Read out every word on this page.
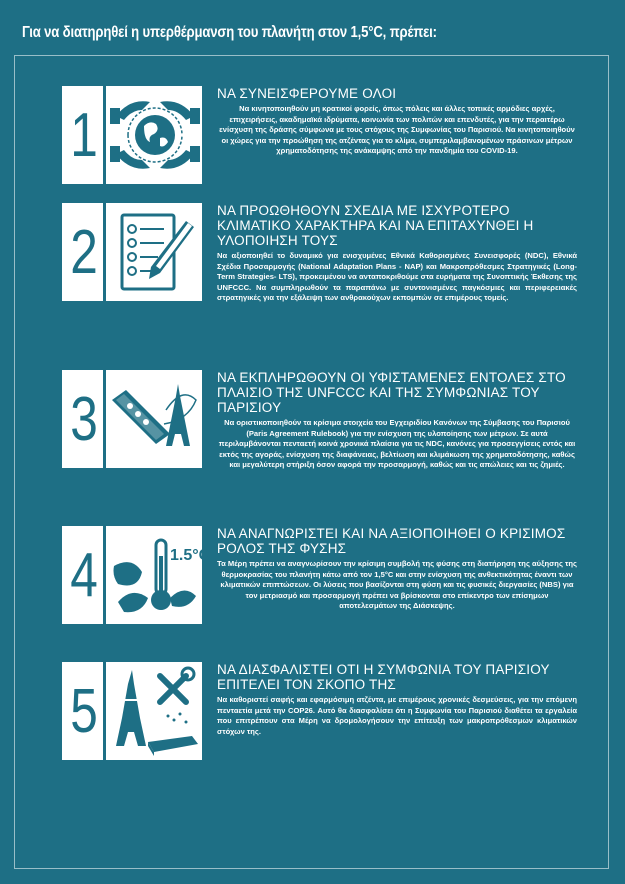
Για να διατηρηθεί η υπερθέρμανση του πλανήτη στον 1,5°C, πρέπει:
1
ΝΑ ΣΥΝΕΙΣΦΕΡΟΥΜΕ ΟΛΟΙ
Να κινητοποιηθούν μη κρατικοί φορείς, όπως πόλεις και άλλες τοπικές αρμόδιες αρχές, επιχειρήσεις, ακαδημαϊκά ιδρύματα, κοινωνία των πολιτών και επενδυτές, για την περαιτέρω ενίσχυση της δράσης σύμφωνα με τους στόχους της Συμφωνίας του Παρισιού. Να κινητοποιηθούν οι χώρες για την προώθηση της ατζέντας για το κλίμα, συμπεριλαμβανομένων πράσινων μέτρων χρηματοδότησης της ανάκαμψης από την πανδημία του COVID-19.
2
ΝΑ ΠΡΟΩΘΗΘΟΥΝ ΣΧΕΔΙΑ ΜΕ ΙΣΧΥΡΟΤΕΡΟ ΚΛΙΜΑΤΙΚΟ ΧΑΡΑΚΤΗΡΑ ΚΑΙ ΝΑ ΕΠΙΤΑΧΥΝΘΕΙ Η ΥΛΟΠΟΙΗΣΗ ΤΟΥΣ
Να αξιοποιηθεί το δυναμικό για ενισχυμένες Εθνικά Καθορισμένες Συνεισφορές (NDC), Εθνικά Σχέδια Προσαρμογής (National Adaptation Plans - NAP) και Μακροπρόθεσμες Στρατηγικές (Long-Term Strategies- LTS), προκειμένου να ανταποκριθούμε στα ευρήματα της Συνοπτικής Έκθεσης της UNFCCC. Να συμπληρωθούν τα παραπάνω με συντονισμένες παγκόσμιες και περιφερειακές στρατηγικές για την εξάλειψη των ανθρακούχων εκπομπών σε επιμέρους τομείς.
3
ΝΑ ΕΚΠΛΗΡΩΘΟΥΝ ΟΙ ΥΦΙΣΤΑΜΕΝΕΣ ΕΝΤΟΛΕΣ ΣΤΟ ΠΛΑΙΣΙΟ ΤΗΣ UNFCCC ΚΑΙ ΤΗΣ ΣΥΜΦΩΝΙΑΣ ΤΟΥ ΠΑΡΙΣΙΟΥ
Να οριστικοποιηθούν τα κρίσιμα στοιχεία του Εγχειριδίου Κανόνων της Σύμβασης του Παρισιού (Paris Agreement Rulebook) για την ενίσχυση της υλοποίησης των μέτρων. Σε αυτά περιλαμβάνονται πενταετή κοινά χρονικά πλαίσια για τις NDC, κανόνες για προσεγγίσεις εντός και εκτός της αγοράς, ενίσχυση της διαφάνειας, βελτίωση και κλιμάκωση της χρηματοδότησης, καθώς και μεγαλύτερη στήριξη όσον αφορά την προσαρμογή, καθώς και τις απώλειες και τις ζημιές.
4	1.5°C
ΝΑ ΑΝΑΓΝΩΡΙΣΤΕΙ ΚΑΙ ΝΑ ΑΞΙΟΠΟΙΗΘΕΙ Ο ΚΡΙΣΙΜΟΣ ΡΟΛΟΣ ΤΗΣ ΦΥΣΗΣ
Τα Μέρη πρέπει να αναγνωρίσουν την κρίσιμη συμβολή της φύσης στη διατήρηση της αύξησης της θερμοκρασίας του πλανήτη κάτω από τον 1,5°C και στην ενίσχυση της ανθεκτικότητας έναντι των κλιματικών επιπτώσεων. Οι λύσεις που βασίζονται στη φύση και τις φυσικές διεργασίες (NBS) για τον μετριασμό και προσαρμογή πρέπει να βρίσκονται στο επίκεντρο των επίσημων αποτελεσμάτων της Διάσκεψης.
5
ΝΑ ΔΙΑΣΦΑΛΙΣΤΕΙ ΟΤΙ Η ΣΥΜΦΩΝΙΑ ΤΟΥ ΠΑΡΙΣΙΟΥ ΕΠΙΤΕΛΕΙ ΤΟΝ ΣΚΟΠΟ ΤΗΣ
Να καθοριστεί σαφής και εφαρμόσιμη ατζέντα, με επιμέρους χρονικές δεσμεύσεις, για την επόμενη πενταετία μετά την COP26. Αυτό θα διασφαλίσει ότι η Συμφωνία του Παρισιού διαθέτει τα εργαλεία που επιτρέπουν στα Μέρη να δρομολογήσουν την επίτευξη των μακροπρόθεσμων κλιματικών στόχων της.
